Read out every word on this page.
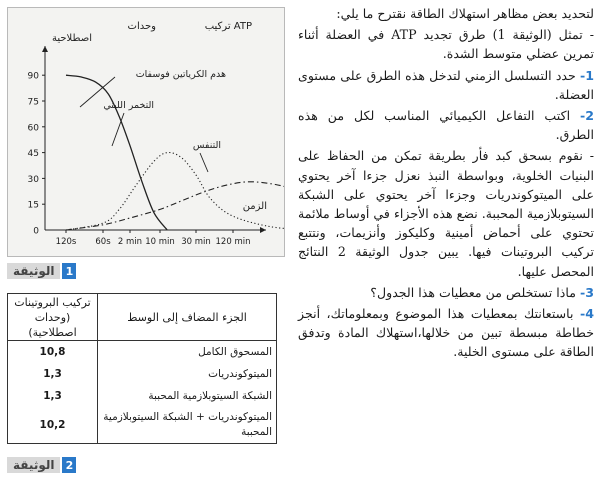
لتحديد بعض مظاهر استهلاك الطاقة نقترح ما يلي:

- تمثل (الوثيقة 1) طرق تجديد ATP في العضلة أثناء تمرين عضلي متوسط الشدة.

1- حدد التسلسل الزمني لتدخل هذه الطرق على مستوى العضلة.

2- اكتب التفاعل الكيميائي المناسب لكل من هذه الطرق.

- نقوم بسحق كبد فأر بطريقة تمكن من الحفاظ على البنيات الخلوية، وبواسطة النبذ نعزل جزءا آخر يحتوي على الميتوكوندريات وجزءا آخر يحتوي على الشبكة السيتوبلازمية المحببة. نضع هذه الأجزاء في أوساط ملائمة تحتوي على أحماض أمينية وكليكوز وأنزيمات، ونتتبع تركيب البروتينات فيها. يبين جدول الوثيقة 2 النتائج المحصل عليها.

3- ماذا تستخلص من معطيات هذا الجدول؟

4- باستعانتك بمعطيات هذا الموضوع وبمعلوماتك، أنجز خطاطة مبسطة تبين من خلالها،استهلاك المادة وتدفق الطاقة على مستوى الخلية.

0
15
30
45
60
75
90
120s 60s 2 min 10 min 30 min 120 min
تركيب ATP
وحدات
اصطلاحية
هدم الكرياتين فوسفات
التخمر اللبني
التنفس
الزمن
1
الوثيقة
الجزء المضاف إلى الوسط	تركيب البروتينات
(وحدات اصطلاحية)

المسحوق الكامل	10,8
الميتوكوندريات	1,3
الشبكة السيتوبلازمية المحببة	1,3
الميتوكوندريات + الشبكة السيتوبلازمية المحببة	10,2
2
الوثيقة
